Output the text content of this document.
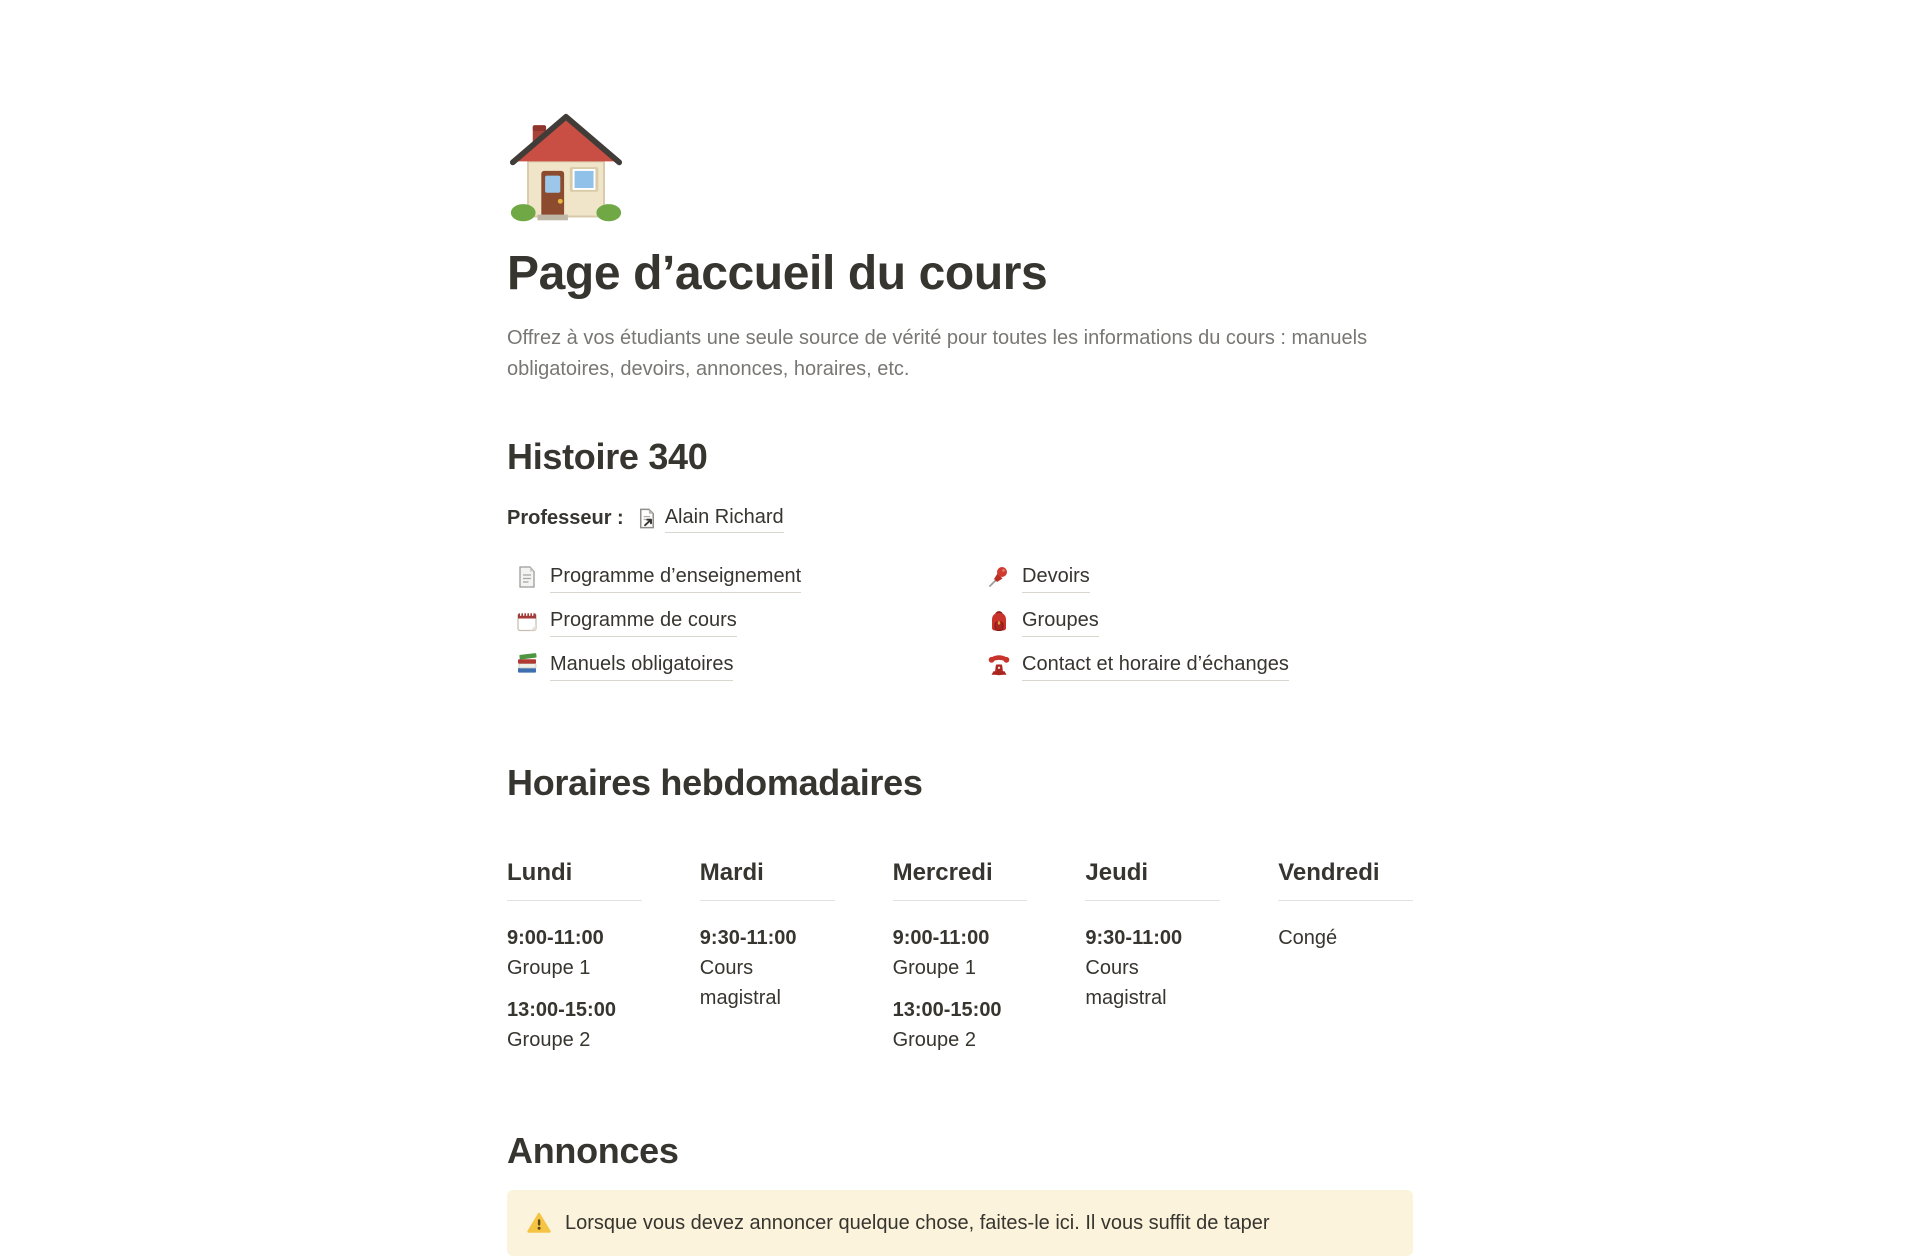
Page d’accueil du cours

Offrez à vos étudiants une seule source de vérité pour toutes les informations du cours : manuels obligatoires, devoirs, annonces, horaires, etc.

Histoire 340
Professeur : Alain Richard
Programme d’enseignement
Programme de cours
Manuels obligatoires
Devoirs
Groupes
Contact et horaire d’échanges
Horaires hebdomadaires
Lundi
9:00-11:00
Groupe 1
13:00-15:00
Groupe 2
Mardi
9:30-11:00
Cours magistral
Mercredi
9:00-11:00
Groupe 1
13:00-15:00
Groupe 2
Jeudi
9:30-11:00
Cours magistral
Vendredi
Congé
Annonces
Lorsque vous devez annoncer quelque chose, faites-le ici. Il vous suffit de taper
